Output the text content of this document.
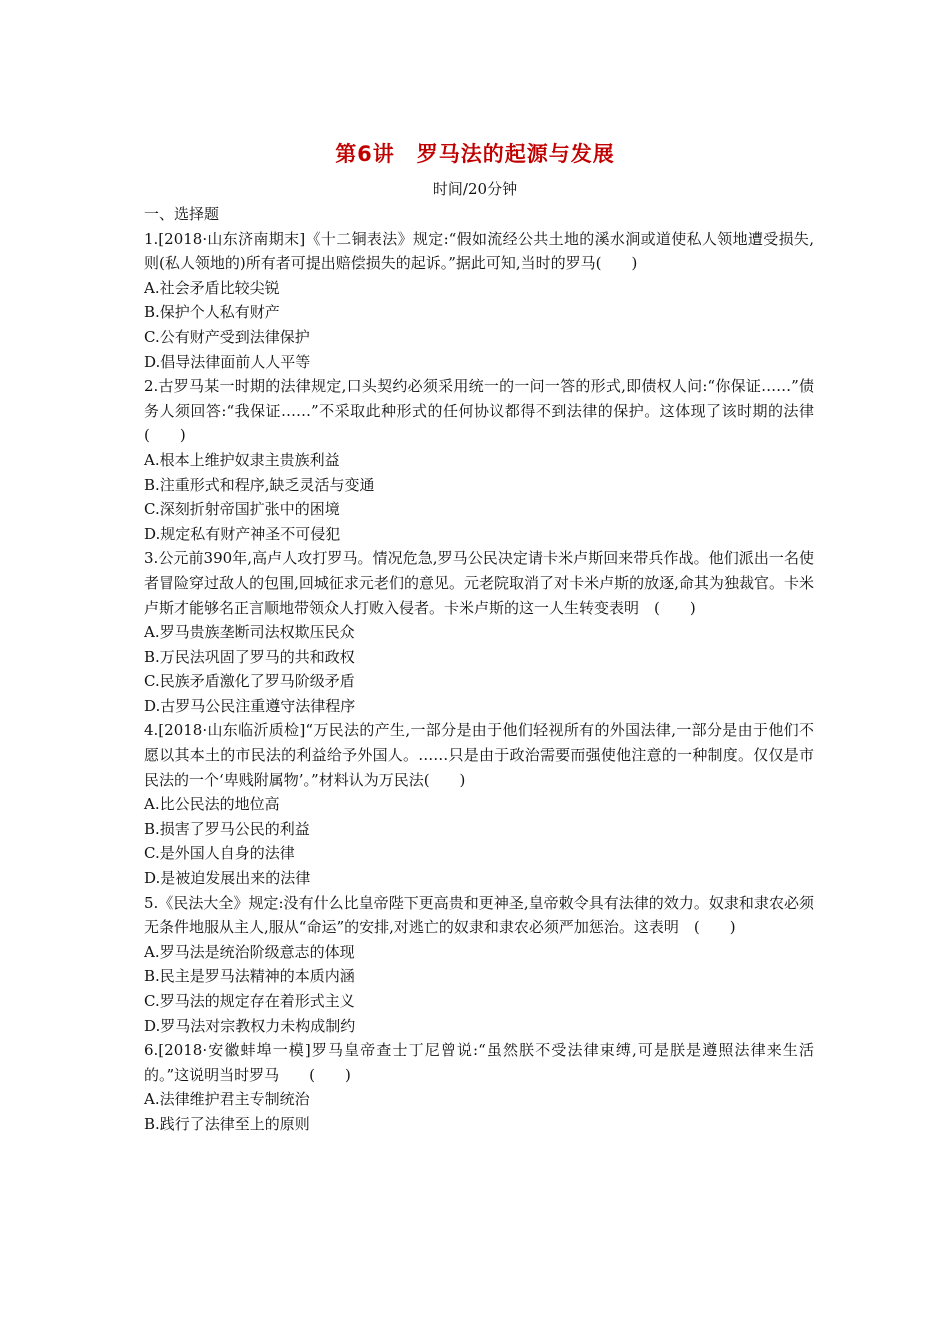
第6讲　罗马法的起源与发展
时间/20分钟
一、选择题
1.[2018·山东济南期末]《十二铜表法》规定:“假如流经公共土地的溪水涧或道使私人领地遭受损失,则(私人领地的)所有者可提出赔偿损失的起诉。”据此可知,当时的罗马(　　)
A.社会矛盾比较尖锐
B.保护个人私有财产
C.公有财产受到法律保护
D.倡导法律面前人人平等
2.古罗马某一时期的法律规定,口头契约必须采用统一的一问一答的形式,即债权人问:“你保证……”债务人须回答:“我保证……”不采取此种形式的任何协议都得不到法律的保护。这体现了该时期的法律　　(　　)
A.根本上维护奴隶主贵族利益
B.注重形式和程序,缺乏灵活与变通
C.深刻折射帝国扩张中的困境
D.规定私有财产神圣不可侵犯
3.公元前390年,高卢人攻打罗马。情况危急,罗马公民决定请卡米卢斯回来带兵作战。他们派出一名使者冒险穿过敌人的包围,回城征求元老们的意见。元老院取消了对卡米卢斯的放逐,命其为独裁官。卡米卢斯才能够名正言顺地带领众人打败入侵者。卡米卢斯的这一人生转变表明　(　　)
A.罗马贵族垄断司法权欺压民众
B.万民法巩固了罗马的共和政权
C.民族矛盾激化了罗马阶级矛盾
D.古罗马公民注重遵守法律程序
4.[2018·山东临沂质检]“万民法的产生,一部分是由于他们轻视所有的外国法律,一部分是由于他们不愿以其本土的市民法的利益给予外国人。……只是由于政治需要而强使他注意的一种制度。仅仅是市民法的一个‘卑贱附属物’。”材料认为万民法(　　)
A.比公民法的地位高
B.损害了罗马公民的利益
C.是外国人自身的法律
D.是被迫发展出来的法律
5.《民法大全》规定:没有什么比皇帝陛下更高贵和更神圣,皇帝敕令具有法律的效力。奴隶和隶农必须无条件地服从主人,服从“命运”的安排,对逃亡的奴隶和隶农必须严加惩治。这表明　(　　)
A.罗马法是统治阶级意志的体现
B.民主是罗马法精神的本质内涵
C.罗马法的规定存在着形式主义
D.罗马法对宗教权力未构成制约
6.[2018·安徽蚌埠一模]罗马皇帝查士丁尼曾说:“虽然朕不受法律束缚,可是朕是遵照法律来生活的。”这说明当时罗马　　(　　)
A.法律维护君主专制统治
B.践行了法律至上的原则
